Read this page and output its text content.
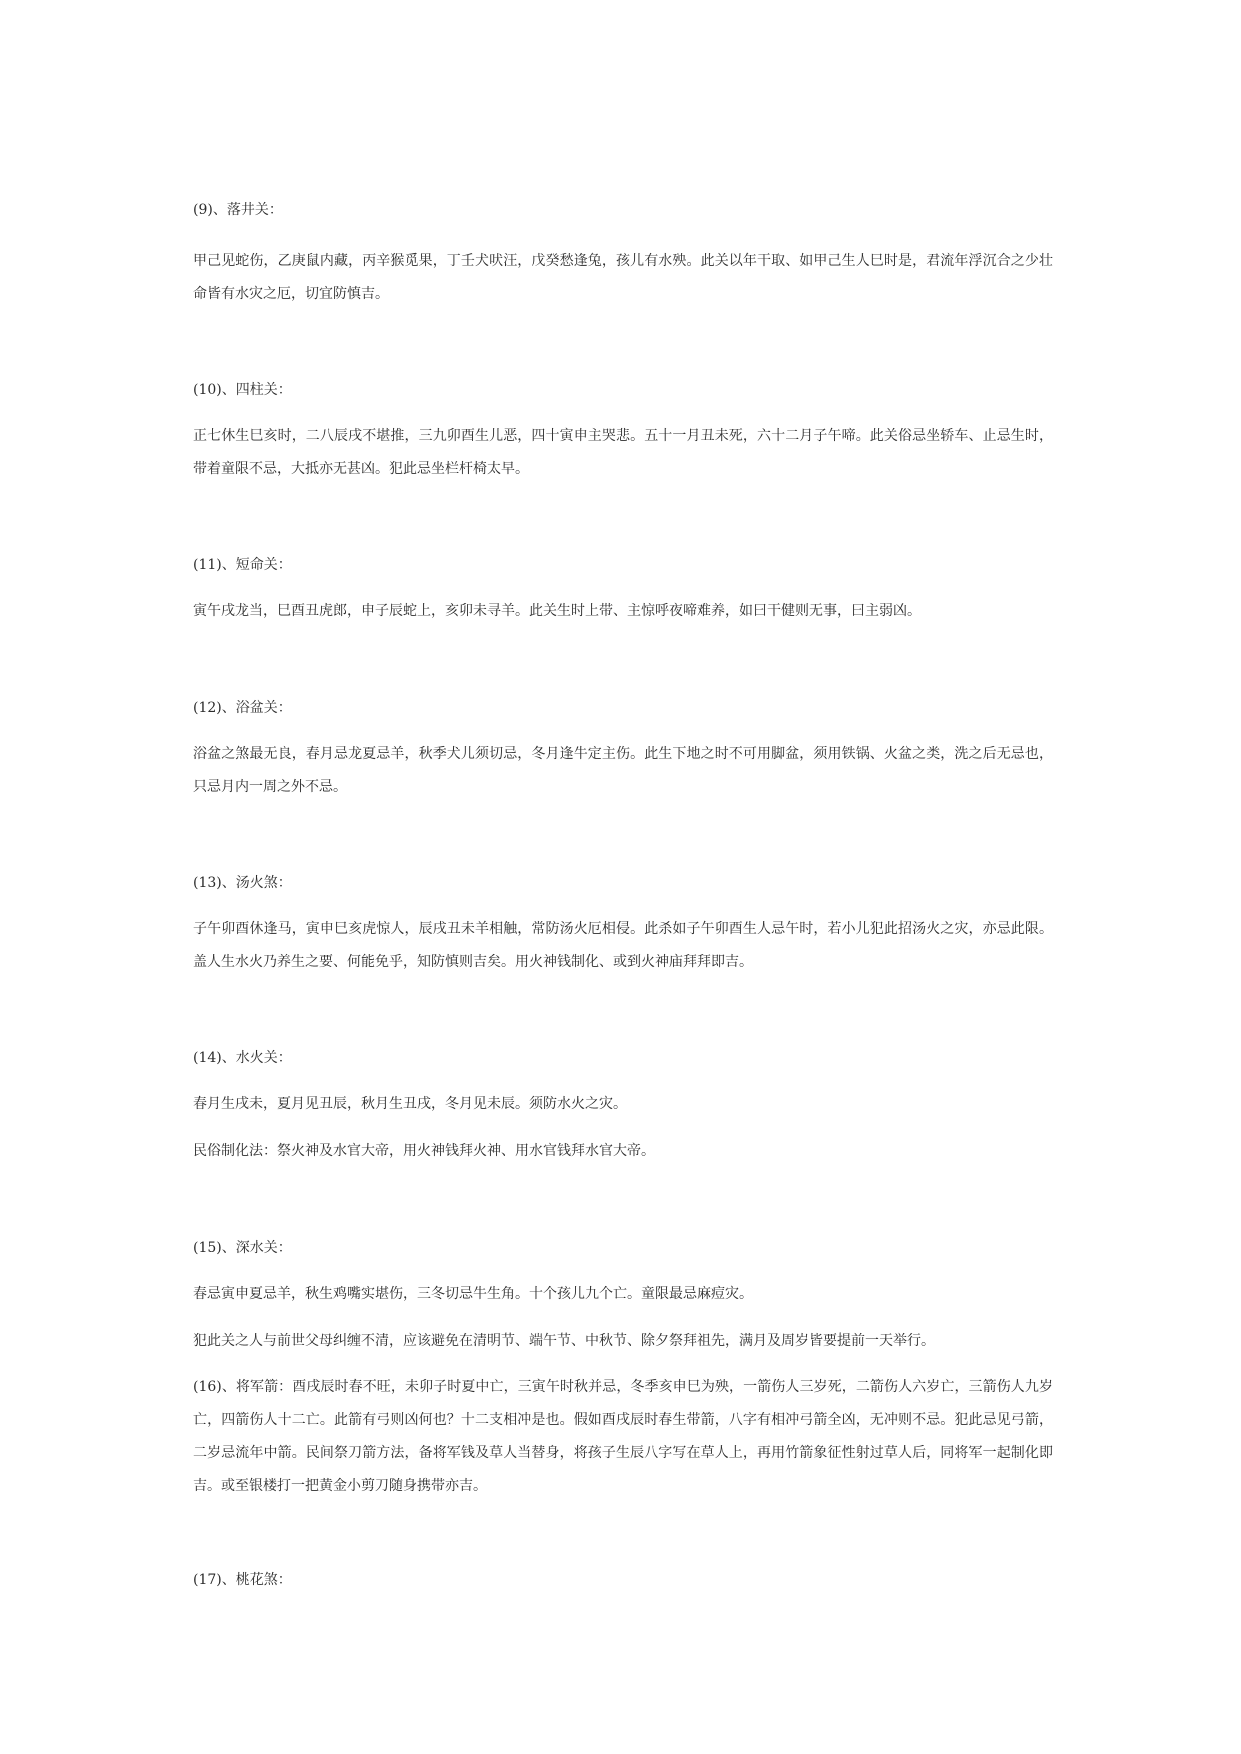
(9)、落井关：
甲己见蛇伤，乙庚鼠内藏，丙辛猴觅果，丁壬犬吠汪，戊癸愁逢兔，孩儿有水殃。此关以年干取、如甲己生人巳时是，君流年浮沉合之少壮命皆有水灾之厄，切宜防慎吉。
(10)、四柱关：
正七休生巳亥时，二八辰戌不堪推，三九卯酉生儿恶，四十寅申主哭悲。五十一月丑未死，六十二月子午啼。此关俗忌坐轿车、止忌生时，带着童限不忌，大抵亦无甚凶。犯此忌坐栏杆椅太早。
(11)、短命关：
寅午戌龙当，巳酉丑虎郎，申子辰蛇上，亥卯未寻羊。此关生时上带、主惊呼夜啼难养，如曰干健则无事，曰主弱凶。
(12)、浴盆关：
浴盆之煞最无良，春月忌龙夏忌羊，秋季犬儿须切忌，冬月逢牛定主伤。此生下地之时不可用脚盆，须用铁锅、火盆之类，洗之后无忌也，只忌月内一周之外不忌。
(13)、汤火煞：
子午卯酉休逢马，寅申巳亥虎惊人，辰戌丑未羊相触，常防汤火厄相侵。此杀如子午卯酉生人忌午时，若小儿犯此招汤火之灾，亦忌此限。盖人生水火乃养生之要、何能免乎，知防慎则吉矣。用火神钱制化、或到火神庙拜拜即吉。
(14)、水火关：
春月生戌未，夏月见丑辰，秋月生丑戌，冬月见未辰。须防水火之灾。
民俗制化法：祭火神及水官大帝，用火神钱拜火神、用水官钱拜水官大帝。
(15)、深水关：
春忌寅申夏忌羊，秋生鸡嘴实堪伤，三冬切忌牛生角。十个孩儿九个亡。童限最忌麻痘灾。
犯此关之人与前世父母纠缠不清，应该避免在清明节、端午节、中秋节、除夕祭拜祖先，满月及周岁皆要提前一天举行。
(16)、将军箭：酉戌辰时春不旺，未卯子时夏中亡，三寅午时秋并忌，冬季亥申巳为殃，一箭伤人三岁死，二箭伤人六岁亡，三箭伤人九岁亡，四箭伤人十二亡。此箭有弓则凶何也？十二支相冲是也。假如酉戌辰时春生带箭，八字有相冲弓箭全凶，无冲则不忌。犯此忌见弓箭，二岁忌流年中箭。民间祭刀箭方法，备将军钱及草人当替身，将孩子生辰八字写在草人上，再用竹箭象征性射过草人后，同将军一起制化即吉。或至银楼打一把黄金小剪刀随身携带亦吉。
(17)、桃花煞：
